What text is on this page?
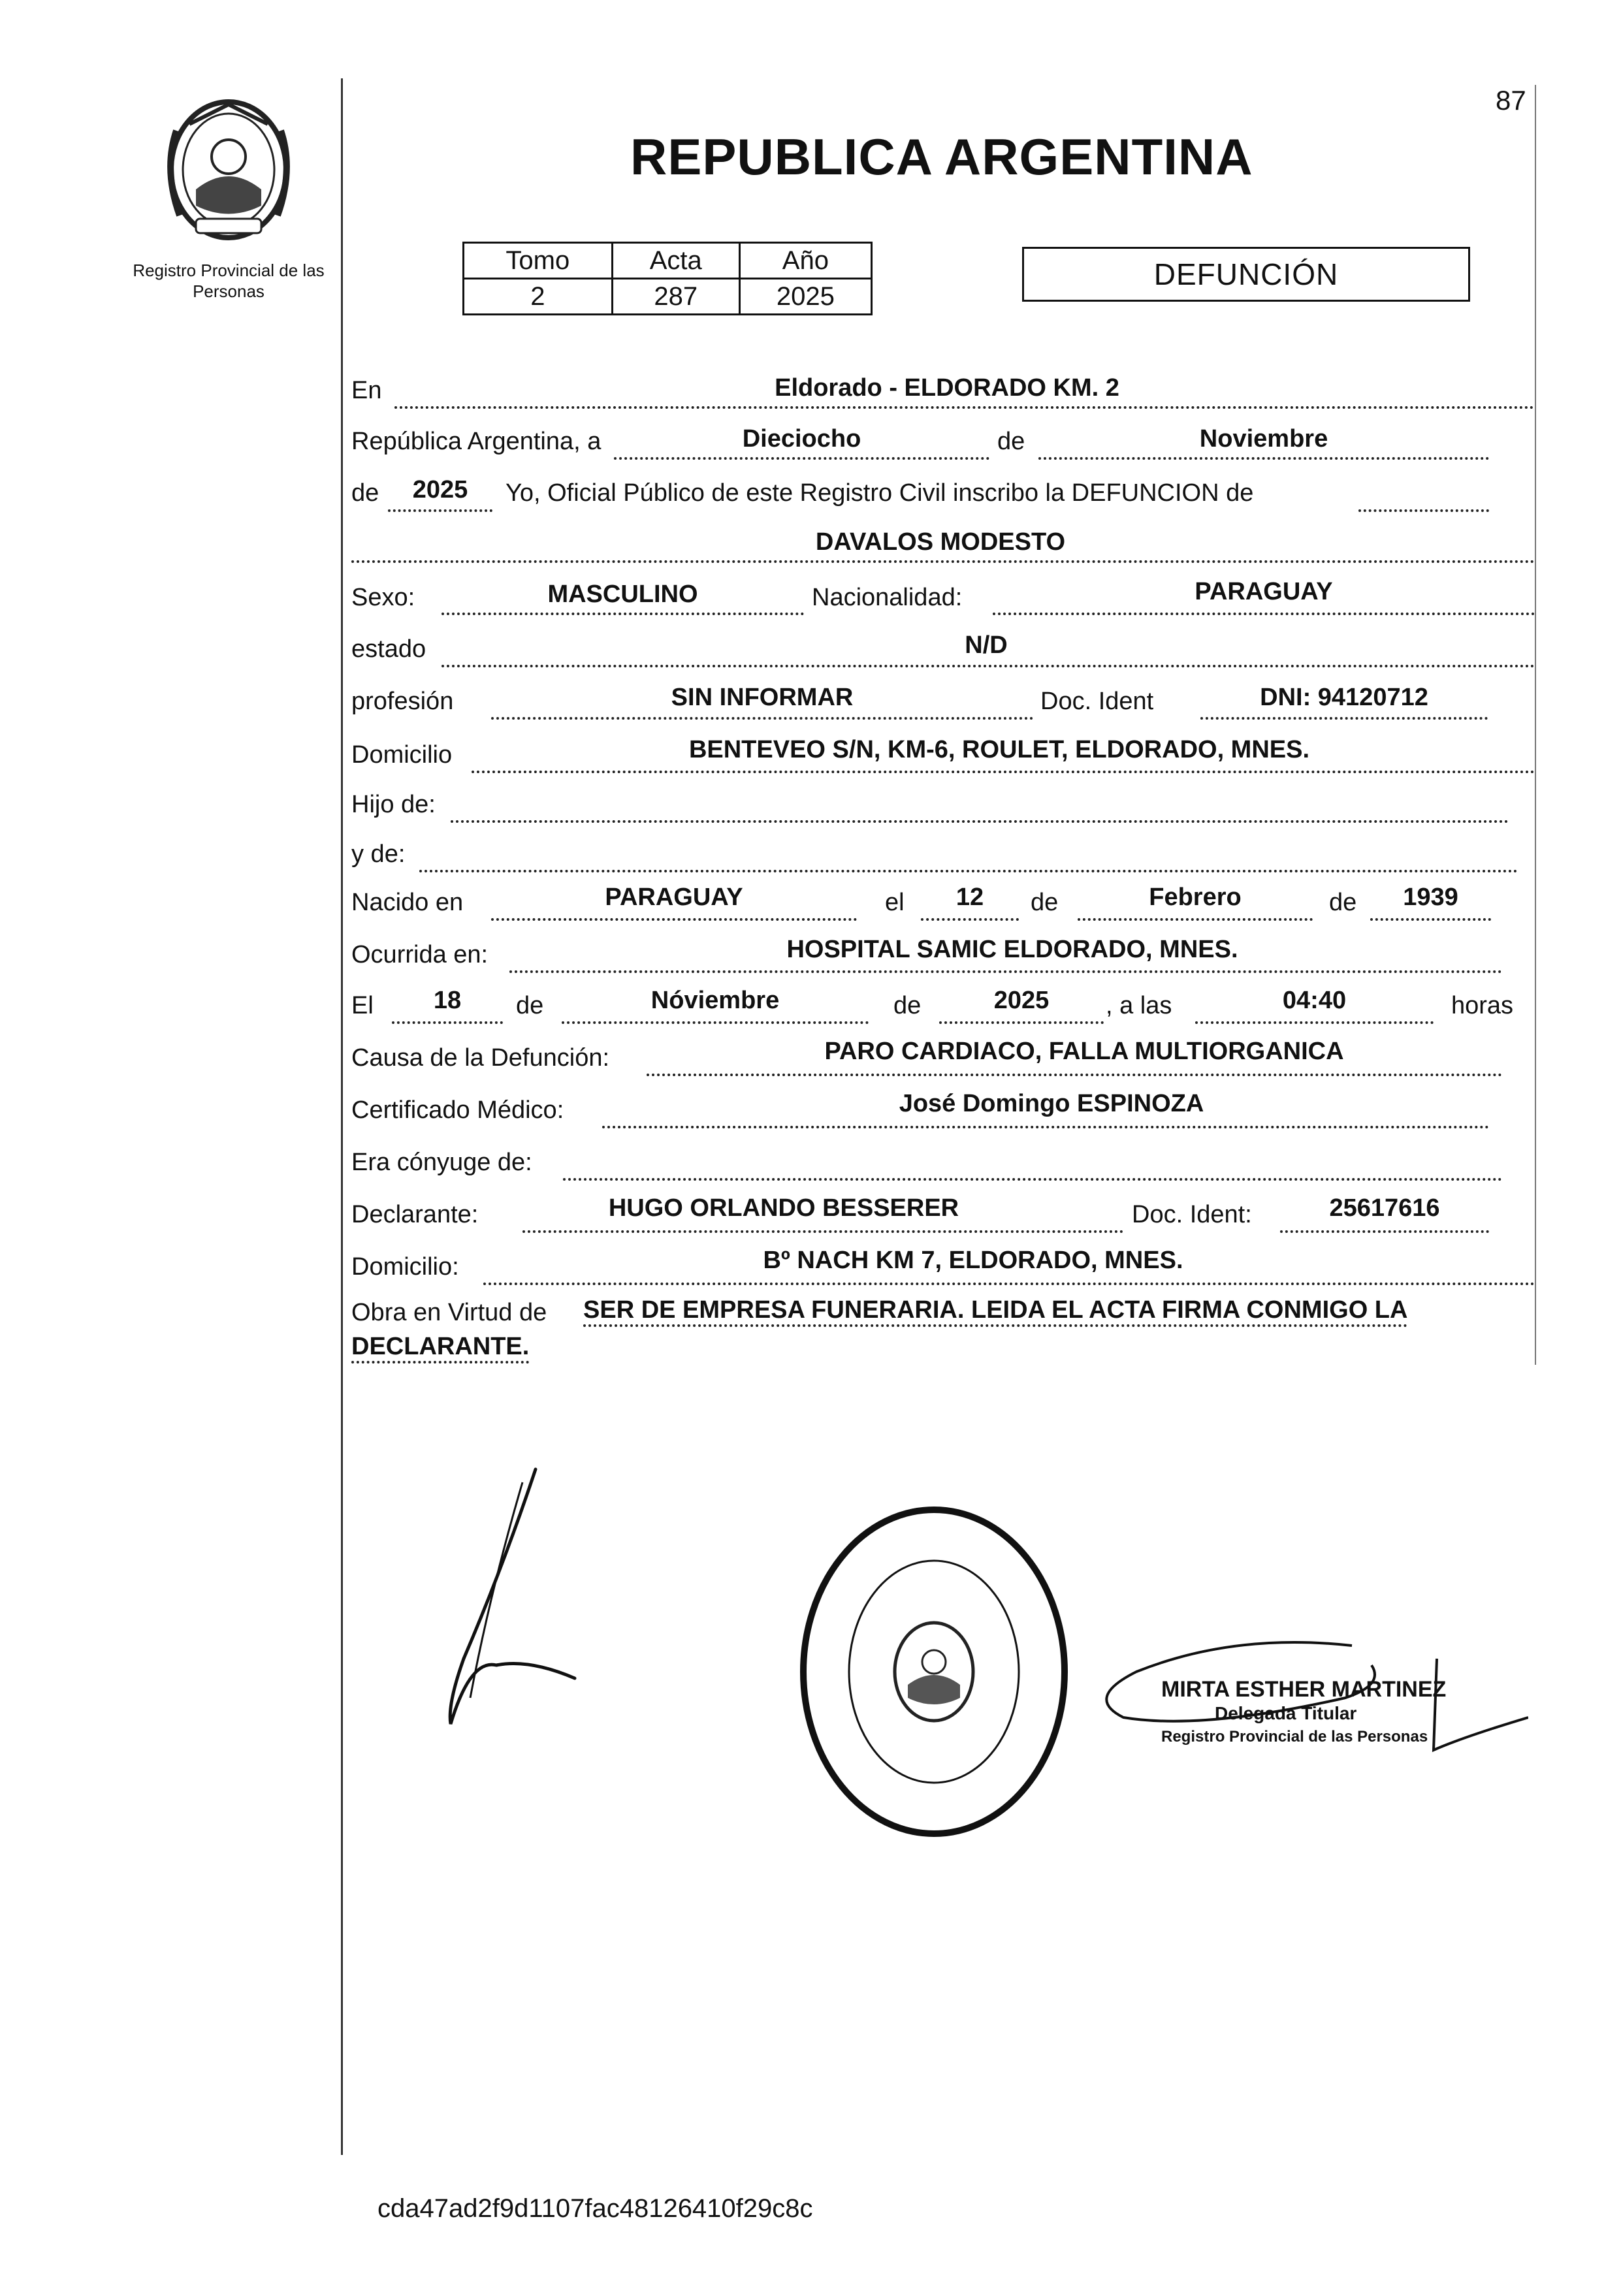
87
Registro Provincial de las Personas
REPUBLICA ARGENTINA
Tomo	Acta	Año
2	287	2025
DEFUNCIÓN
En	Eldorado - ELDORADO KM. 2
República Argentina, a	Dieciocho	de	Noviembre
de	2025	Yo, Oficial Público de este Registro Civil inscribo la DEFUNCION de
DAVALOS MODESTO
Sexo:	MASCULINO	Nacionalidad:	PARAGUAY
estado	N/D
profesión	SIN INFORMAR	Doc. Ident	DNI: 94120712
Domicilio	BENTEVEO S/N, KM-6, ROULET, ELDORADO, MNES.
Hijo de:
y de:
Nacido en	PARAGUAY	el	12	de	Febrero	de	1939
Ocurrida en:	HOSPITAL SAMIC ELDORADO, MNES.
El	18	de	Nóviembre	de	2025	, a las	04:40	horas
Causa de la Defunción:	PARO CARDIACO, FALLA MULTIORGANICA
Certificado Médico:	José Domingo ESPINOZA
Era cónyuge de:
Declarante:	HUGO ORLANDO BESSERER	Doc. Ident:	25617616
Domicilio:	Bº NACH KM 7, ELDORADO, MNES.
Obra en Virtud de SER DE EMPRESA FUNERARIA. LEIDA EL ACTA FIRMA CONMIGO LA
DECLARANTE.
MIRTA ESTHER MARTINEZ
Delegada Titular
Registro Provincial de las Personas
cda47ad2f9d1107fac48126410f29c8c
